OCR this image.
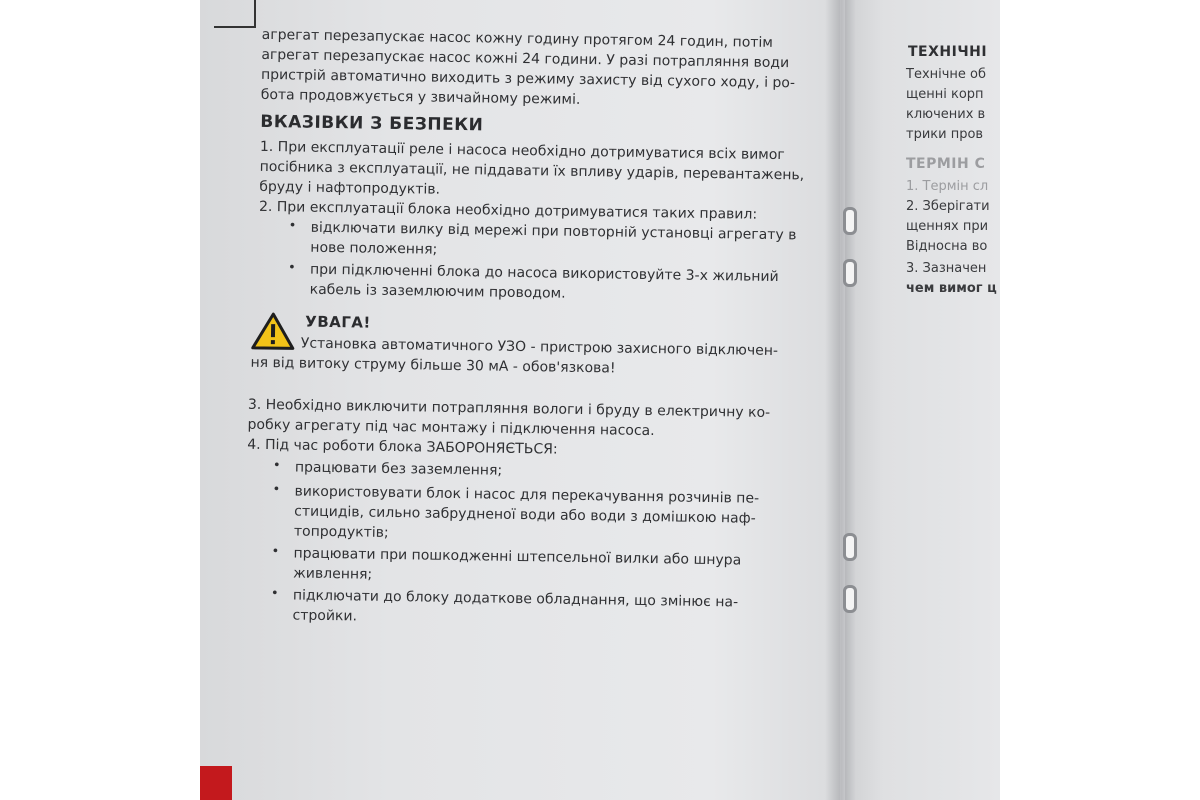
агрегат перезапускає насос кожну годину протягом 24 годин, потім
агрегат перезапускає насос кожні 24 години. У разі потрапляння води
пристрій автоматично виходить з режиму захисту від сухого ходу, і ро-
бота продовжується у звичайному режимі.
ВКАЗІВКИ З БЕЗПЕКИ
1. При експлуатації реле і насоса необхідно дотримуватися всіх вимог
посібника з експлуатації, не піддавати їх впливу ударів, перевантажень,
бруду і нафтопродуктів.
2. При експлуатації блока необхідно дотримуватися таких правил:
• відключати вилку від мережі при повторній установці агрегату в
нове положення;
• при підключенні блока до насоса використовуйте 3-х жильний
кабель із заземлюючим проводом.
УВАГА!
Установка автоматичного УЗО - пристрою захисного відключен-
ня від витоку струму більше 30 мА - обов'язкова!
3. Необхідно виключити потрапляння вологи і бруду в електричну ко-
робку агрегату під час монтажу і підключення насоса.
4. Під час роботи блока ЗАБОРОНЯЄТЬСЯ:
• працювати без заземлення;
• використовувати блок і насос для перекачування розчинів пе-
стицидів, сильно забрудненої води або води з домішкою наф-
топродуктів;
• працювати при пошкодженні штепсельної вилки або шнура
живлення;
• підключати до блоку додаткове обладнання, що змінює на-
стройки.
ТЕХНІЧНІ
Технічне об
щенні корп
ключених в
трики пров
ТЕРМІН С
1. Термін сл
2. Зберігати
щеннях при
Відносна во
3. Зазначен
чем вимог ц
